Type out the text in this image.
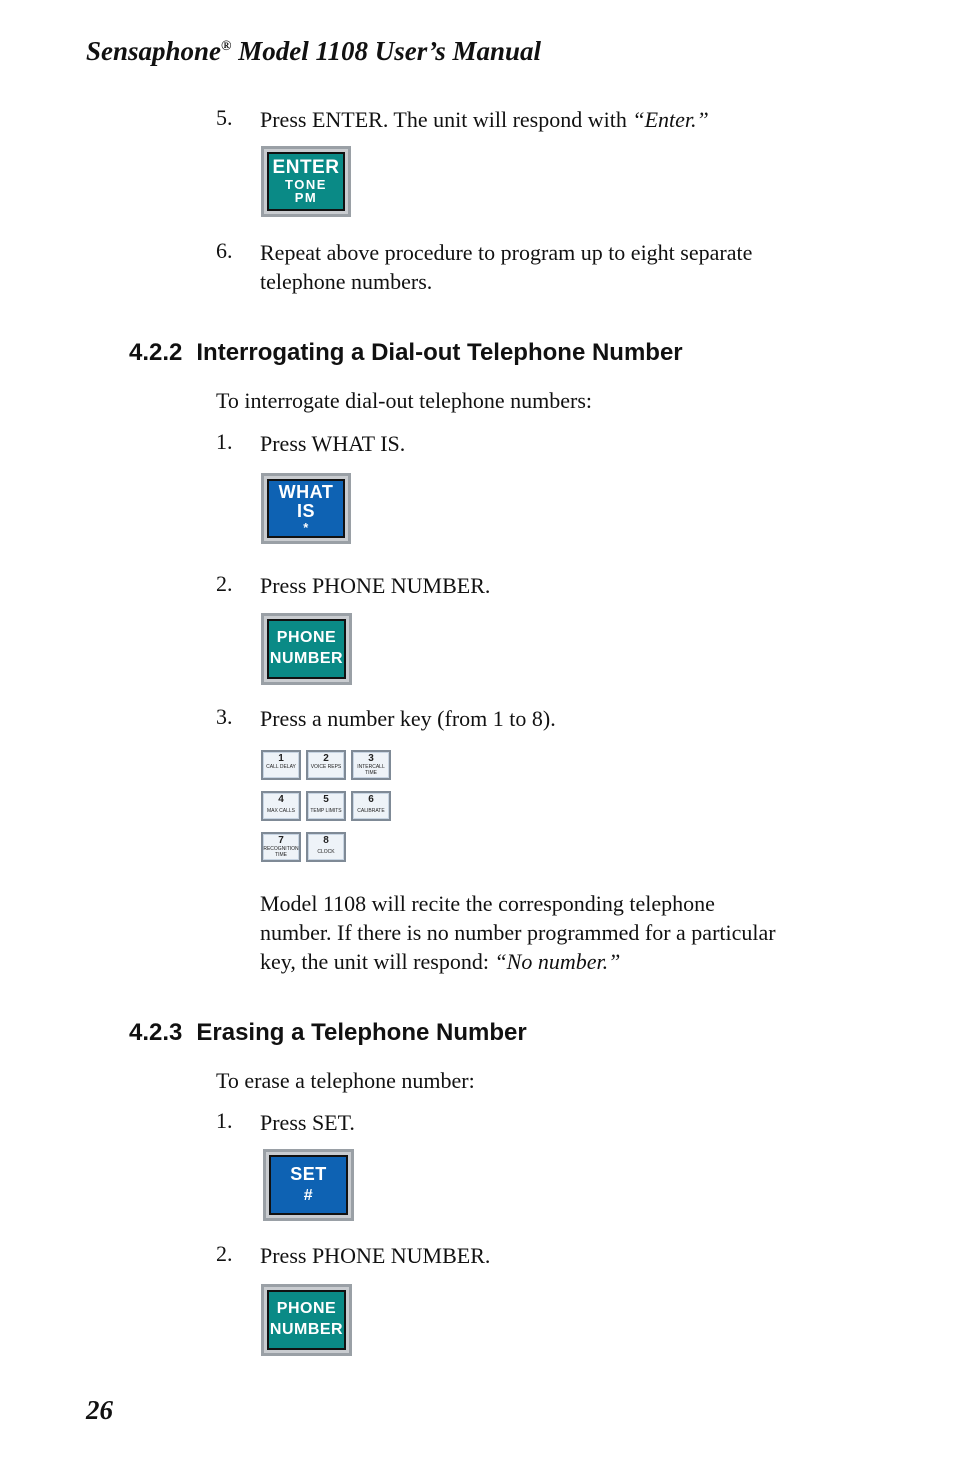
Sensaphone® Model 1108 User’s Manual
5. Press ENTER. The unit will respond with “Enter.”
ENTER
TONE
PM
6. Repeat above procedure to program up to eight separate telephone numbers.
4.2.2 Interrogating a Dial-out Telephone Number
To interrogate dial-out telephone numbers:
1. Press WHAT IS.
WHAT
IS
*
2. Press PHONE NUMBER.
PHONE
NUMBER
3. Press a number key (from 1 to 8).
1
CALL DELAY
2
VOICE REPS
3
INTERCALL TIME
4
MAX CALLS
5
TEMP LIMITS
6
CALIBRATE
7
RECOGNITION TIME
8
CLOCK
Model 1108 will recite the corresponding telephone number. If there is no number programmed for a particular key, the unit will respond: “No number.”
4.2.3 Erasing a Telephone Number
To erase a telephone number:
1. Press SET.
SET
#
2. Press PHONE NUMBER.
PHONE
NUMBER
26
